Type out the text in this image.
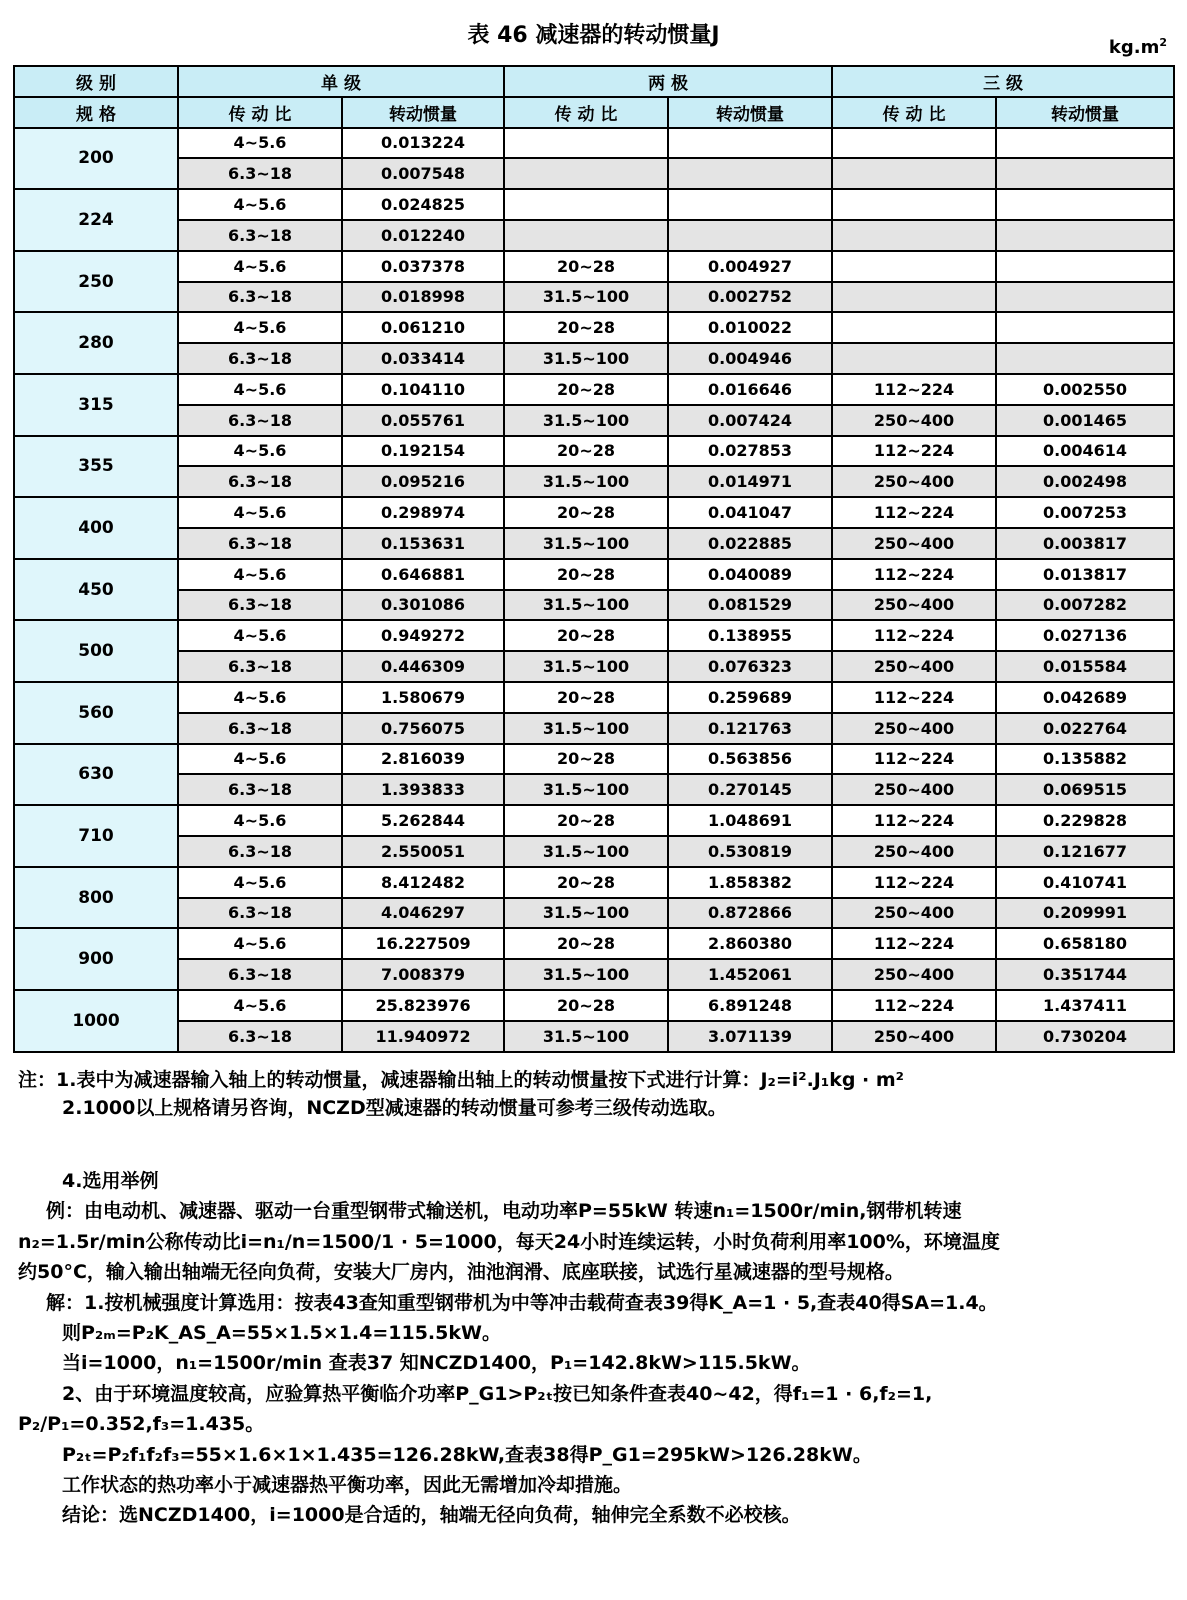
表 46 减速器的转动惯量J	$kg.m^2$
级 别	单 级		两 极		三 级	
规 格	传 动 比	转动惯量	传 动 比	转动惯量	传 动 比	转动惯量
200	4~5.6	0.013224				
	6.3~18	0.007548				
224	4~5.6	0.024825				
	6.3~18	0.012240				
250	4~5.6	0.037378	20~28	0.004927		
	6.3~18	0.018998	31.5~100	0.002752		
280	4~5.6	0.061210	20~28	0.010022		
	6.3~18	0.033414	31.5~100	0.004946		
315	4~5.6	0.104110	20~28	0.016646	112~224	0.002550
	6.3~18	0.055761	31.5~100	0.007424	250~400	0.001465
355	4~5.6	0.192154	20~28	0.027853	112~224	0.004614
	6.3~18	0.095216	31.5~100	0.014971	250~400	0.002498
400	4~5.6	0.298974	20~28	0.041047	112~224	0.007253
	6.3~18	0.153631	31.5~100	0.022885	250~400	0.003817
450	4~5.6	0.646881	20~28	0.040089	112~224	0.013817
	6.3~18	0.301086	31.5~100	0.081529	250~400	0.007282
500	4~5.6	0.949272	20~28	0.138955	112~224	0.027136
	6.3~18	0.446309	31.5~100	0.076323	250~400	0.015584
560	4~5.6	1.580679	20~28	0.259689	112~224	0.042689
	6.3~18	0.756075	31.5~100	0.121763	250~400	0.022764
630	4~5.6	2.816039	20~28	0.563856	112~224	0.135882
	6.3~18	1.393833	31.5~100	0.270145	250~400	0.069515
710	4~5.6	5.262844	20~28	1.048691	112~224	0.229828
	6.3~18	2.550051	31.5~100	0.530819	250~400	0.121677
800	4~5.6	8.412482	20~28	1.858382	112~224	0.410741
	6.3~18	4.046297	31.5~100	0.872866	250~400	0.209991
900	4~5.6	16.227509	20~28	2.860380	112~224	0.658180
	6.3~18	7.008379	31.5~100	1.452061	250~400	0.351744
1000	4~5.6	25.823976	20~28	6.891248	112~224	1.437411
	6.3~18	11.940972	31.5~100	3.071139	250~400	0.730204

注：1.表中为减速器输入轴上的转动惯量，减速器输出轴上的转动惯量按下式进行计算：J₂=i².J₁kg · m²

2.1000以上规格请另咨询，NCZD型减速器的转动惯量可参考三级传动选取。

4.选用举例

例：由电动机、减速器、驱动一台重型钢带式输送机，电动功率P=55kW 转速n₁=1500r/min,钢带机转速

n₂=1.5r/min公称传动比i=n₁/n=1500/1 · 5=1000，每天24小时连续运转，小时负荷利用率100%，环境温度

约50°C，输入输出轴端无径向负荷，安装大厂房内，油池润滑、底座联接，试选行星减速器的型号规格。

解：1.按机械强度计算选用：按表43查知重型钢带机为中等冲击载荷查表39得K_A=1 · 5,查表40得SA=1.4。

则P₂ₘ=P₂K_AS_A=55×1.5×1.4=115.5kW。

当i=1000，n₁=1500r/min 查表37 知NCZD1400，P₁=142.8kW>115.5kW。

2、由于环境温度较高，应验算热平衡临介功率P_G1>P₂ₜ按已知条件查表40~42，得f₁=1 · 6,f₂=1,

P₂/P₁=0.352,f₃=1.435。

P₂ₜ=P₂f₁f₂f₃=55×1.6×1×1.435=126.28kW,查表38得P_G1=295kW>126.28kW。

工作状态的热功率小于减速器热平衡功率，因此无需增加冷却措施。

结论：选NCZD1400，i=1000是合适的，轴端无径向负荷，轴伸完全系数不必校核。
